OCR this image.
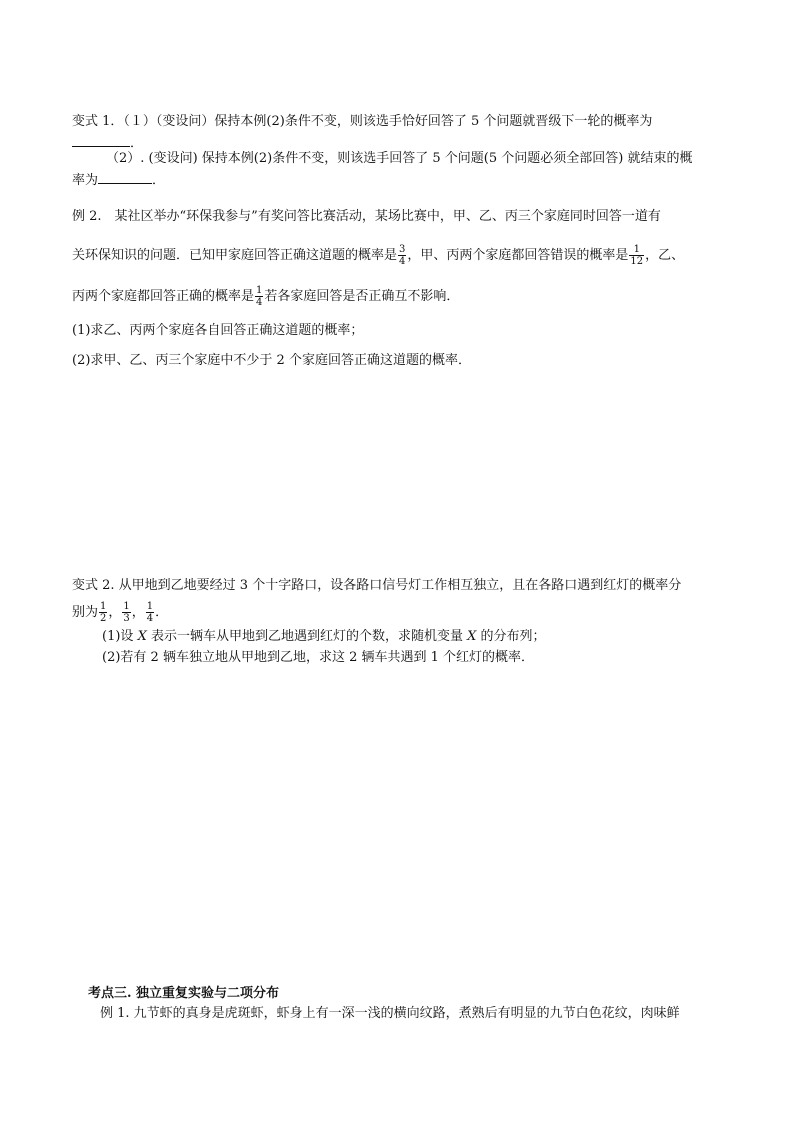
变式 1．（１）（变设问）保持本例(2)条件不变，则该选手恰好回答了 5 个问题就晋级下一轮的概率为
．
（2）. (变设问) 保持本例(2)条件不变，则该选手回答了 5 个问题(5 个问题必须全部回答) 就结束的概
率为	．
例 2.　某社区举办“环保我参与”有奖问答比赛活动，某场比赛中，甲、乙、丙三个家庭同时回答一道有
关环保知识的问题．已知甲家庭回答正确这道题的概率是 $\frac{3}{4}$ ，甲、丙两个家庭都回答错误的概率是 $\frac{1}{12}$ ，乙、
丙两个家庭都回答正确的概率是 $\frac{1}{4}$ 若各家庭回答是否正确互不影响．
(1)求乙、丙两个家庭各自回答正确这道题的概率；
(2)求甲、乙、丙三个家庭中不少于 2 个家庭回答正确这道题的概率．
变式 2. 从甲地到乙地要经过 3 个十字路口，设各路口信号灯工作相互独立，且在各路口遇到红灯的概率分
别为 $\frac{1}{2}$ ， $\frac{1}{3}$ ， $\frac{1}{4}$ ．
(1)设 X 表示一辆车从甲地到乙地遇到红灯的个数，求随机变量 X 的分布列；
(2)若有 2 辆车独立地从甲地到乙地，求这 2 辆车共遇到 1 个红灯的概率．
考点三. 独立重复实验与二项分布
例 1. 九节虾的真身是虎斑虾，虾身上有一深一浅的横向纹路，煮熟后有明显的九节白色花纹，肉味鲜
